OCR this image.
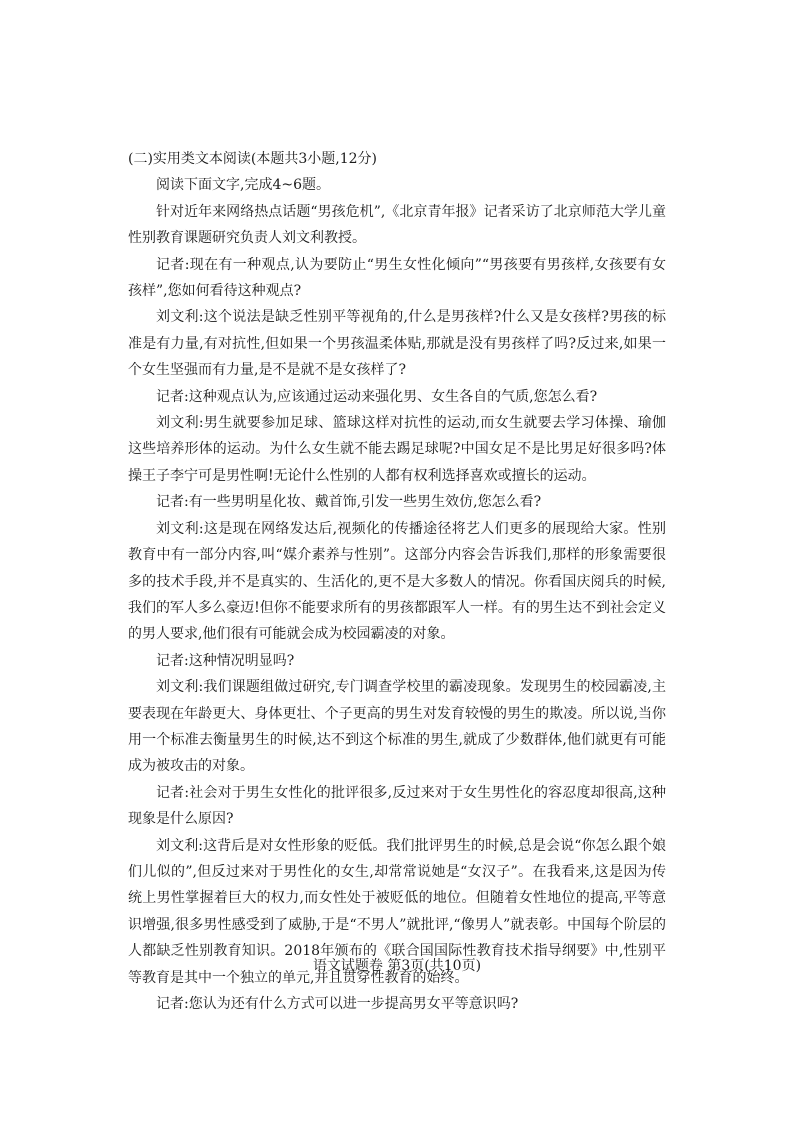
(二)实用类文本阅读(本题共3小题,12分)

阅读下面文字,完成4~6题。

针对近年来网络热点话题“男孩危机”,《北京青年报》记者采访了北京师范大学儿童性别教育课题研究负责人刘文利教授。

记者:现在有一种观点,认为要防止“男生女性化倾向”“男孩要有男孩样,女孩要有女孩样”,您如何看待这种观点?

刘文利:这个说法是缺乏性别平等视角的,什么是男孩样?什么又是女孩样?男孩的标准是有力量,有对抗性,但如果一个男孩温柔体贴,那就是没有男孩样了吗?反过来,如果一个女生坚强而有力量,是不是就不是女孩样了?

记者:这种观点认为,应该通过运动来强化男、女生各自的气质,您怎么看?

刘文利:男生就要参加足球、篮球这样对抗性的运动,而女生就要去学习体操、瑜伽这些培养形体的运动。为什么女生就不能去踢足球呢?中国女足不是比男足好很多吗?体操王子李宁可是男性啊!无论什么性别的人都有权利选择喜欢或擅长的运动。

记者:有一些男明星化妆、戴首饰,引发一些男生效仿,您怎么看?

刘文利:这是现在网络发达后,视频化的传播途径将艺人们更多的展现给大家。性别教育中有一部分内容,叫“媒介素养与性别”。这部分内容会告诉我们,那样的形象需要很多的技术手段,并不是真实的、生活化的,更不是大多数人的情况。你看国庆阅兵的时候,我们的军人多么豪迈!但你不能要求所有的男孩都跟军人一样。有的男生达不到社会定义的男人要求,他们很有可能就会成为校园霸凌的对象。

记者:这种情况明显吗?

刘文利:我们课题组做过研究,专门调查学校里的霸凌现象。发现男生的校园霸凌,主要表现在年龄更大、身体更壮、个子更高的男生对发育较慢的男生的欺凌。所以说,当你用一个标准去衡量男生的时候,达不到这个标准的男生,就成了少数群体,他们就更有可能成为被攻击的对象。

记者:社会对于男生女性化的批评很多,反过来对于女生男性化的容忍度却很高,这种现象是什么原因?

刘文利:这背后是对女性形象的贬低。我们批评男生的时候,总是会说“你怎么跟个娘们儿似的”,但反过来对于男性化的女生,却常常说她是“女汉子”。在我看来,这是因为传统上男性掌握着巨大的权力,而女性处于被贬低的地位。但随着女性地位的提高,平等意识增强,很多男性感受到了威胁,于是“不男人”就批评,“像男人”就表彰。中国每个阶层的人都缺乏性别教育知识。2018年颁布的《联合国国际性教育技术指导纲要》中,性别平等教育是其中一个独立的单元,并且贯穿性教育的始终。

记者:您认为还有什么方式可以进一步提高男女平等意识吗?

语文试题卷 第3页(共10页)
